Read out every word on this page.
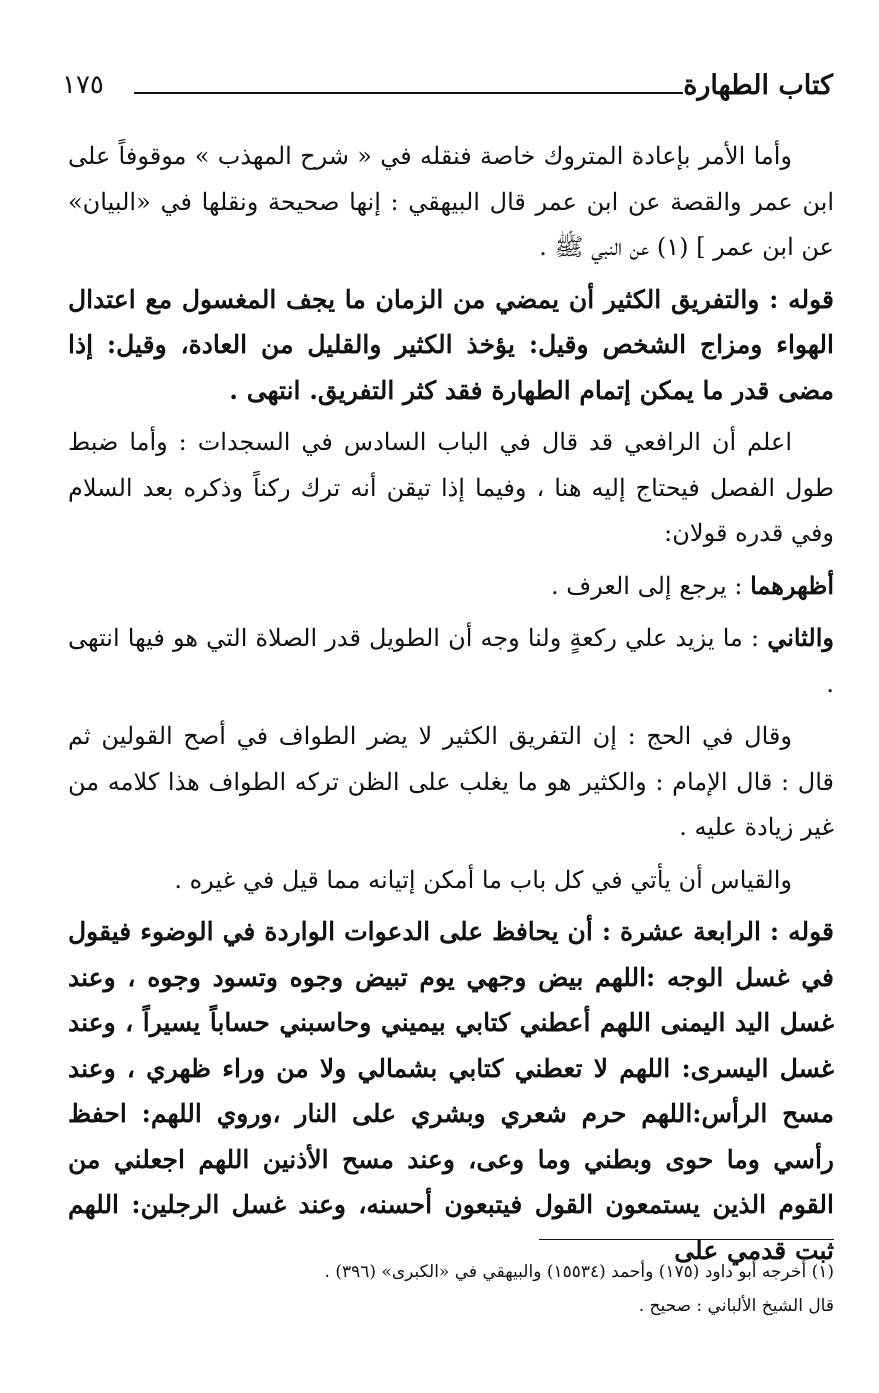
كتاب الطهارة
١٧٥

وأما الأمر بإعادة المتروك خاصة فنقله في « شرح المهذب » موقوفاً على ابن عمر والقصة عن ابن عمر قال البيهقي : إنها صحيحة ونقلها في «البيان» عن ابن عمر ] (١) عن النبي ﷺ .

قوله : والتفريق الكثير أن يمضي من الزمان ما يجف المغسول مع اعتدال الهواء ومزاج الشخص وقيل: يؤخذ الكثير والقليل من العادة، وقيل: إذا مضى قدر ما يمكن إتمام الطهارة فقد كثر التفريق. انتهى .

اعلم أن الرافعي قد قال في الباب السادس في السجدات : وأما ضبط طول الفصل فيحتاج إليه هنا ، وفيما إذا تيقن أنه ترك ركناً وذكره بعد السلام وفي قدره قولان:

أظهرهما : يرجع إلى العرف .

والثاني : ما يزيد علي ركعةٍ ولنا وجه أن الطويل قدر الصلاة التي هو فيها انتهى .

وقال في الحج : إن التفريق الكثير لا يضر الطواف في أصح القولين ثم قال : قال الإمام : والكثير هو ما يغلب على الظن تركه الطواف هذا كلامه من غير زيادة عليه .

والقياس أن يأتي في كل باب ما أمكن إتيانه مما قيل في غيره .

قوله : الرابعة عشرة : أن يحافظ على الدعوات الواردة في الوضوء فيقول في غسل الوجه :اللهم بيض وجهي يوم تبيض وجوه وتسود وجوه ، وعند غسل اليد اليمنى اللهم أعطني كتابي بيميني وحاسبني حساباً يسيراً ، وعند غسل اليسرى: اللهم لا تعطني كتابي بشمالي ولا من وراء ظهري ، وعند مسح الرأس:اللهم حرم شعري وبشري على النار ،وروي اللهم: احفظ رأسي وما حوى وبطني وما وعى، وعند مسح الأذنين اللهم اجعلني من القوم الذين يستمعون القول فيتبعون أحسنه، وعند غسل الرجلين: اللهم ثبت قدمي على

(١) أخرجه أبو داود (١٧٥) وأحمد (١٥٥٣٤) والبيهقي في «الكبرى» (٣٩٦) .

قال الشيخ الألباني : صحيح .
